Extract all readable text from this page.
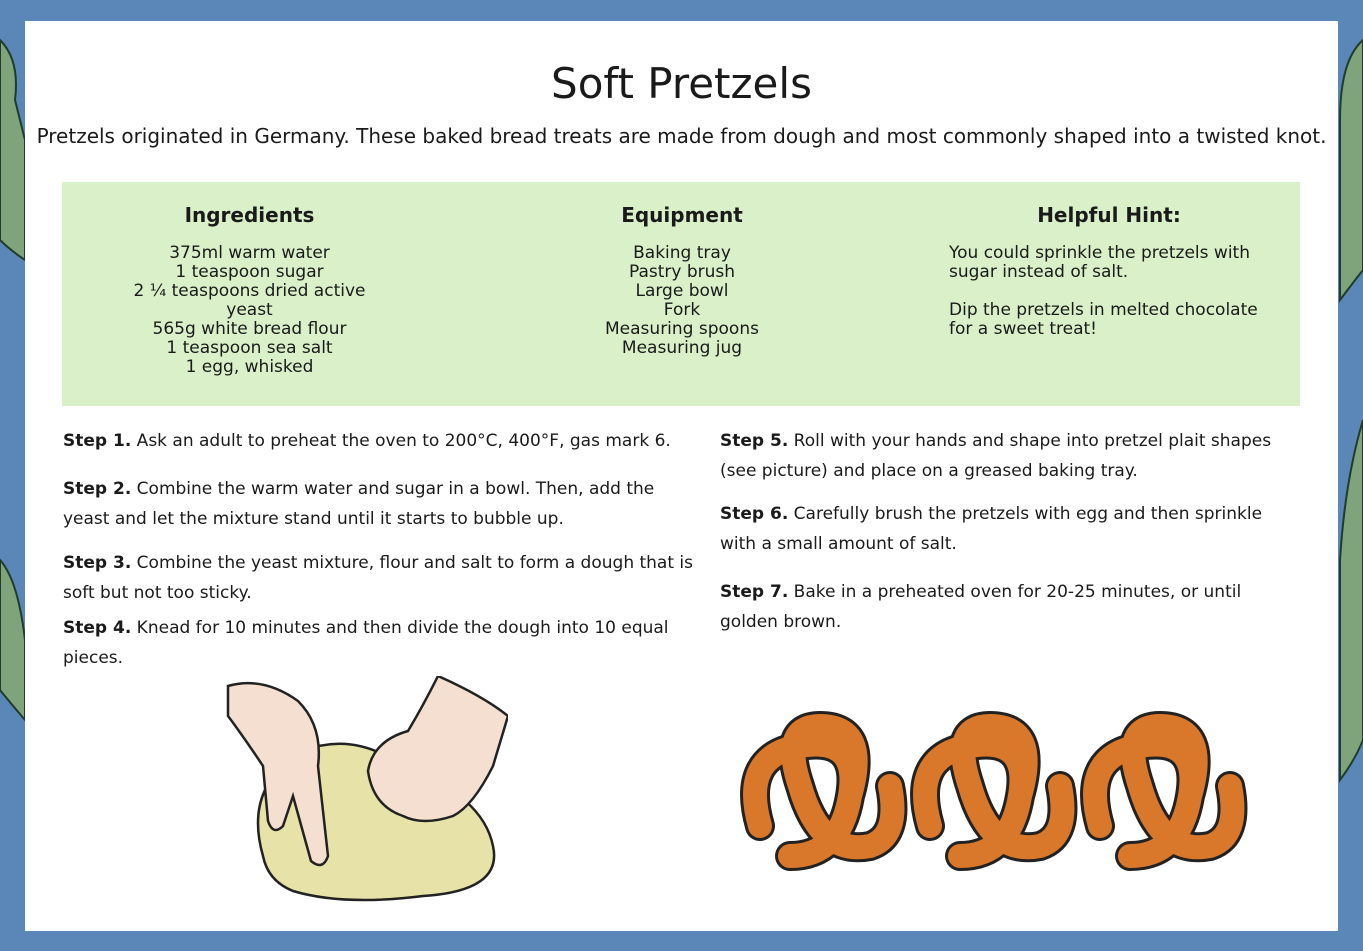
Soft Pretzels
Pretzels originated in Germany. These baked bread treats are made from dough and most commonly shaped into a twisted knot.
Ingredients
375ml warm water
1 teaspoon sugar
2 ¼ teaspoons dried active yeast
565g white bread flour
1 teaspoon sea salt
1 egg, whisked
Equipment
Baking tray
Pastry brush
Large bowl
Fork
Measuring spoons
Measuring jug
Helpful Hint:

You could sprinkle the pretzels with sugar instead of salt.

Dip the pretzels in melted chocolate for a sweet treat!

Step 1. Ask an adult to preheat the oven to 200°C, 400°F, gas mark 6.
Step 2. Combine the warm water and sugar in a bowl. Then, add the yeast and let the mixture stand until it starts to bubble up.
Step 3. Combine the yeast mixture, flour and salt to form a dough that is soft but not too sticky.
Step 4. Knead for 10 minutes and then divide the dough into 10 equal pieces.
Step 5. Roll with your hands and shape into pretzel plait shapes (see picture) and place on a greased baking tray.
Step 6. Carefully brush the pretzels with egg and then sprinkle with a small amount of salt.
Step 7. Bake in a preheated oven for 20-25 minutes, or until golden brown.
